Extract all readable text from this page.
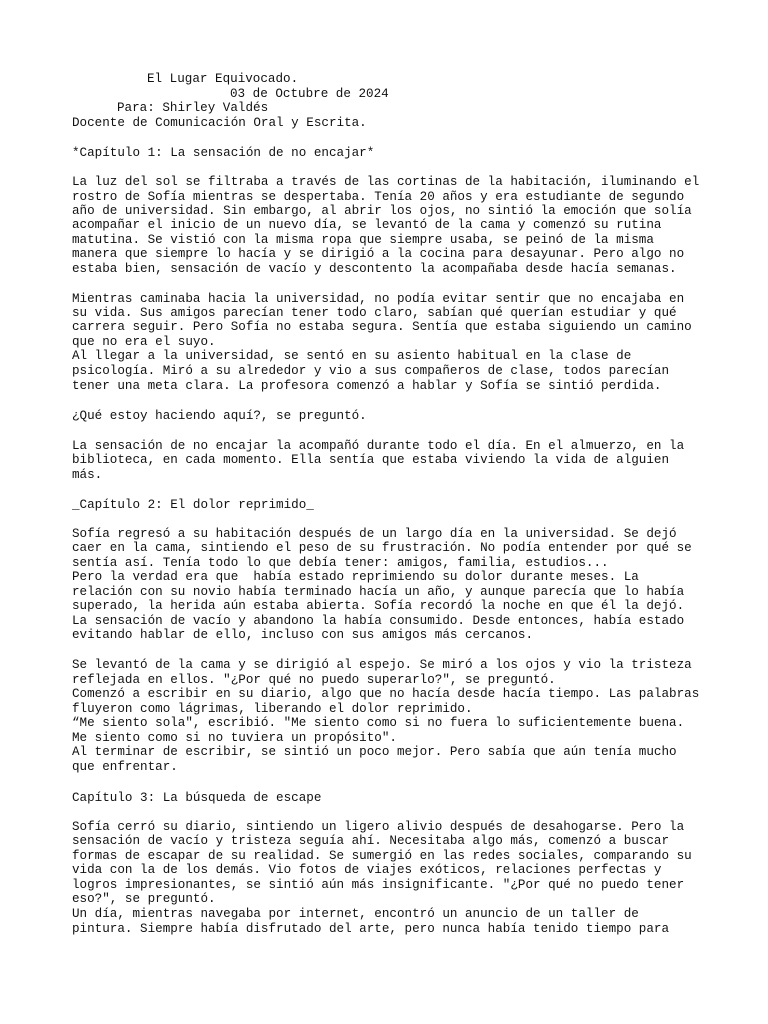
El Lugar Equivocado.
03 de Octubre de 2024
Para: Shirley Valdés
Docente de Comunicación Oral y Escrita.
*Capítulo 1: La sensación de no encajar*
La luz del sol se filtraba a través de las cortinas de la habitación, iluminando el
rostro de Sofía mientras se despertaba. Tenía 20 años y era estudiante de segundo
año de universidad. Sin embargo, al abrir los ojos, no sintió la emoción que solía
acompañar el inicio de un nuevo día, se levantó de la cama y comenzó su rutina
matutina. Se vistió con la misma ropa que siempre usaba, se peinó de la misma
manera que siempre lo hacía y se dirigió a la cocina para desayunar. Pero algo no
estaba bien, sensación de vacío y descontento la acompañaba desde hacía semanas.
Mientras caminaba hacia la universidad, no podía evitar sentir que no encajaba en
su vida. Sus amigos parecían tener todo claro, sabían qué querían estudiar y qué
carrera seguir. Pero Sofía no estaba segura. Sentía que estaba siguiendo un camino
que no era el suyo.
Al llegar a la universidad, se sentó en su asiento habitual en la clase de
psicología. Miró a su alrededor y vio a sus compañeros de clase, todos parecían
tener una meta clara. La profesora comenzó a hablar y Sofía se sintió perdida.
¿Qué estoy haciendo aquí?, se preguntó.
La sensación de no encajar la acompañó durante todo el día. En el almuerzo, en la
biblioteca, en cada momento. Ella sentía que estaba viviendo la vida de alguien
más.
_Capítulo 2: El dolor reprimido_
Sofía regresó a su habitación después de un largo día en la universidad. Se dejó
caer en la cama, sintiendo el peso de su frustración. No podía entender por qué se
sentía así. Tenía todo lo que debía tener: amigos, familia, estudios...
Pero la verdad era que  había estado reprimiendo su dolor durante meses. La
relación con su novio había terminado hacía un año, y aunque parecía que lo había
superado, la herida aún estaba abierta. Sofía recordó la noche en que él la dejó.
La sensación de vacío y abandono la había consumido. Desde entonces, había estado
evitando hablar de ello, incluso con sus amigos más cercanos.
Se levantó de la cama y se dirigió al espejo. Se miró a los ojos y vio la tristeza
reflejada en ellos. "¿Por qué no puedo superarlo?", se preguntó.
Comenzó a escribir en su diario, algo que no hacía desde hacía tiempo. Las palabras
fluyeron como lágrimas, liberando el dolor reprimido.
“Me siento sola", escribió. "Me siento como si no fuera lo suficientemente buena.
Me siento como si no tuviera un propósito".
Al terminar de escribir, se sintió un poco mejor. Pero sabía que aún tenía mucho
que enfrentar.
Capítulo 3: La búsqueda de escape
Sofía cerró su diario, sintiendo un ligero alivio después de desahogarse. Pero la
sensación de vacío y tristeza seguía ahí. Necesitaba algo más, comenzó a buscar
formas de escapar de su realidad. Se sumergió en las redes sociales, comparando su
vida con la de los demás. Vio fotos de viajes exóticos, relaciones perfectas y
logros impresionantes, se sintió aún más insignificante. "¿Por qué no puedo tener
eso?", se preguntó.
Un día, mientras navegaba por internet, encontró un anuncio de un taller de
pintura. Siempre había disfrutado del arte, pero nunca había tenido tiempo para
